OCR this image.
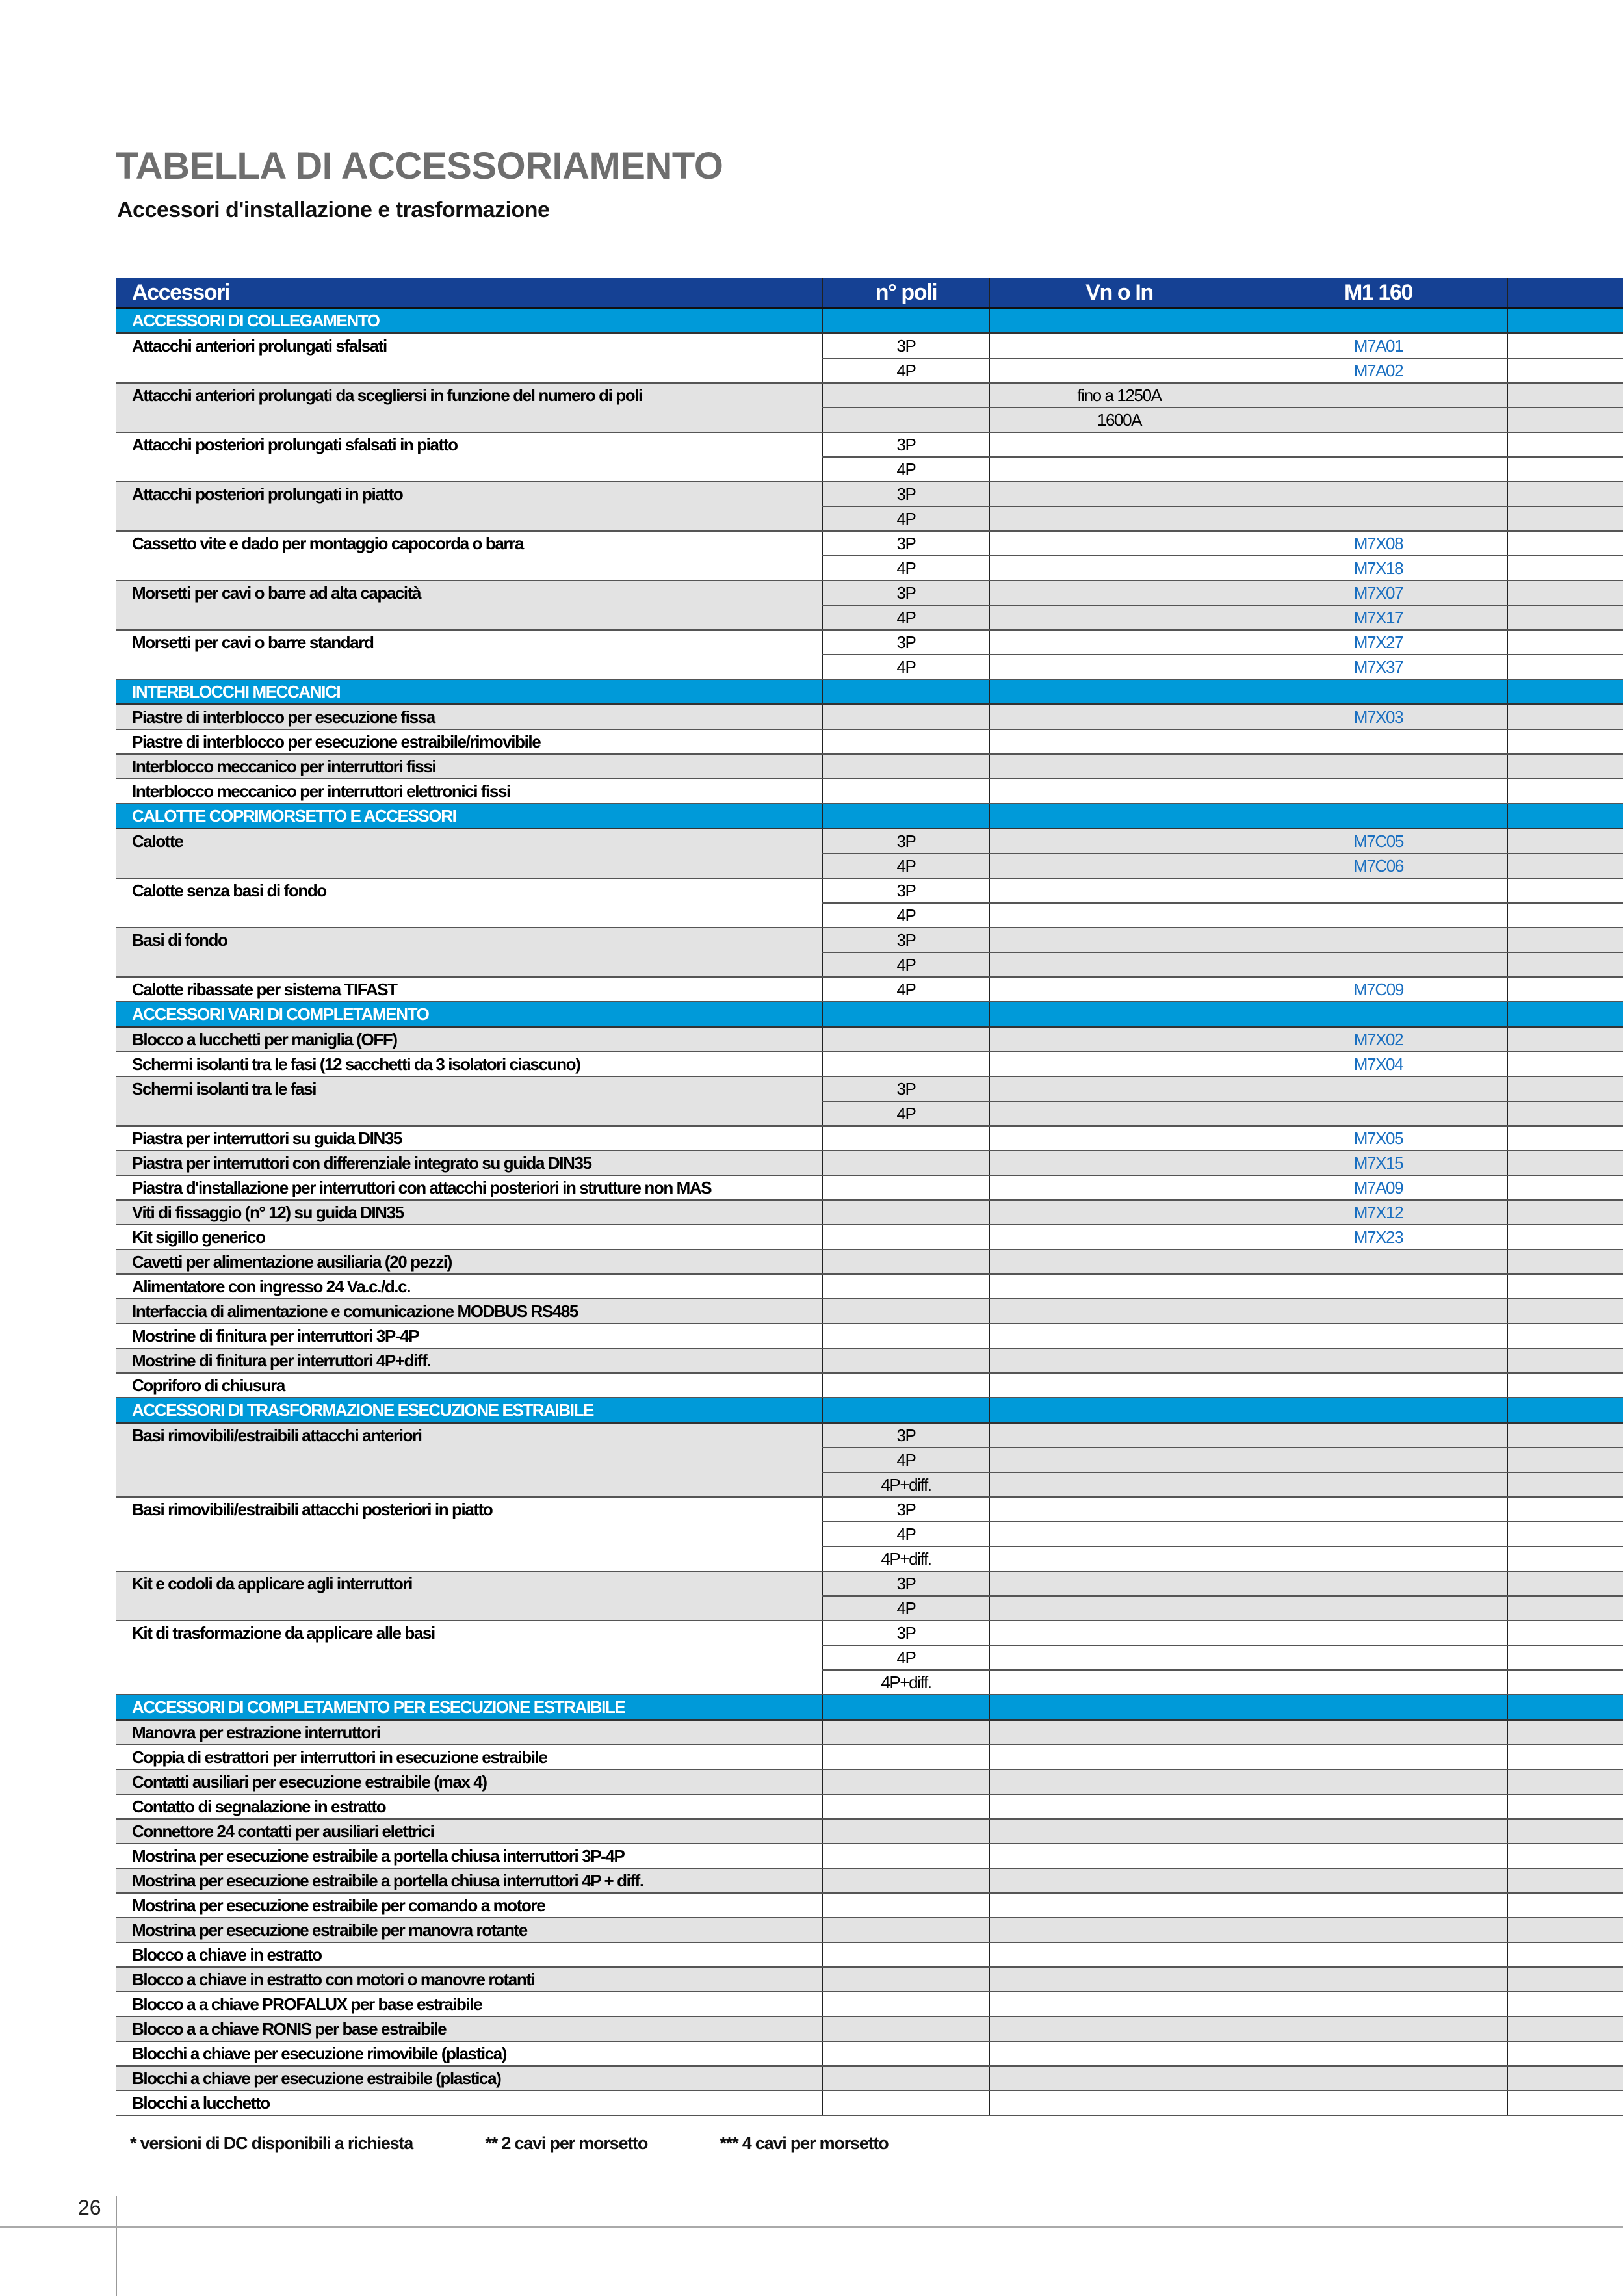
TABELLA DI ACCESSORIAMENTO
Accessori d'installazione e trasformazione
Accessori	n° poli	Vn o In	M1 160	
ACCESSORI DI COLLEGAMENTO				
Attacchi anteriori prolungati sfalsati	3P		M7A01	
	4P		M7A02	
Attacchi anteriori prolungati da scegliersi in funzione del numero di poli		fino a 1250A		
		1600A		
Attacchi posteriori prolungati sfalsati in piatto	3P			
	4P			
Attacchi posteriori prolungati in piatto	3P			
	4P			
Cassetto vite e dado per montaggio capocorda o barra	3P		M7X08	
	4P		M7X18	
Morsetti per cavi o barre ad alta capacità	3P		M7X07	
	4P		M7X17	
Morsetti per cavi o barre standard	3P		M7X27	
	4P		M7X37	
INTERBLOCCHI MECCANICI				
Piastre di interblocco per esecuzione fissa			M7X03	
Piastre di interblocco per esecuzione estraibile/rimovibile				
Interblocco meccanico per interruttori fissi				
Interblocco meccanico per interruttori elettronici fissi				
CALOTTE COPRIMORSETTO E ACCESSORI				
Calotte	3P		M7C05	
	4P		M7C06	
Calotte senza basi di fondo	3P			
	4P			
Basi di fondo	3P			
	4P			
Calotte ribassate per sistema TIFAST	4P		M7C09	
ACCESSORI VARI DI COMPLETAMENTO				
Blocco a lucchetti per maniglia (OFF)			M7X02	
Schermi isolanti tra le fasi (12 sacchetti da 3 isolatori ciascuno)			M7X04	
Schermi isolanti tra le fasi	3P			
	4P			
Piastra per interruttori su guida DIN35			M7X05	
Piastra per interruttori con differenziale integrato su guida DIN35			M7X15	
Piastra d'installazione per interruttori con attacchi posteriori in strutture non MAS			M7A09	
Viti di fissaggio (n° 12) su guida DIN35			M7X12	
Kit sigillo generico			M7X23	
Cavetti per alimentazione ausiliaria (20 pezzi)				
Alimentatore con ingresso 24 Va.c./d.c.				
Interfaccia di alimentazione e comunicazione MODBUS RS485				
Mostrine di finitura per interruttori 3P-4P				
Mostrine di finitura per interruttori 4P+diff.				
Copriforo di chiusura				
ACCESSORI DI TRASFORMAZIONE ESECUZIONE ESTRAIBILE				
Basi rimovibili/estraibili attacchi anteriori	3P			
	4P			
	4P+diff.			
Basi rimovibili/estraibili attacchi posteriori in piatto	3P			
	4P			
	4P+diff.			
Kit e codoli da applicare agli interruttori	3P			
	4P			
Kit di trasformazione da applicare alle basi	3P			
	4P			
	4P+diff.			
ACCESSORI DI COMPLETAMENTO PER ESECUZIONE ESTRAIBILE				
Manovra per estrazione interruttori				
Coppia di estrattori per interruttori in esecuzione estraibile				
Contatti ausiliari per esecuzione estraibile (max 4)				
Contatto di segnalazione in estratto				
Connettore 24 contatti per ausiliari elettrici				
Mostrina per esecuzione estraibile a portella chiusa interruttori 3P-4P				
Mostrina per esecuzione estraibile a portella chiusa interruttori 4P + diff.				
Mostrina per esecuzione estraibile per comando a motore				
Mostrina per esecuzione estraibile per manovra rotante				
Blocco a chiave in estratto				
Blocco a chiave in estratto con motori o manovre rotanti				
Blocco a a chiave PROFALUX per base estraibile				
Blocco a a chiave RONIS per base estraibile				
Blocchi a chiave per esecuzione rimovibile (plastica)				
Blocchi a chiave per esecuzione estraibile (plastica)				
Blocchi a lucchetto				
* versioni di DC disponibili a richiesta	** 2 cavi per morsetto	*** 4 cavi per morsetto
26
